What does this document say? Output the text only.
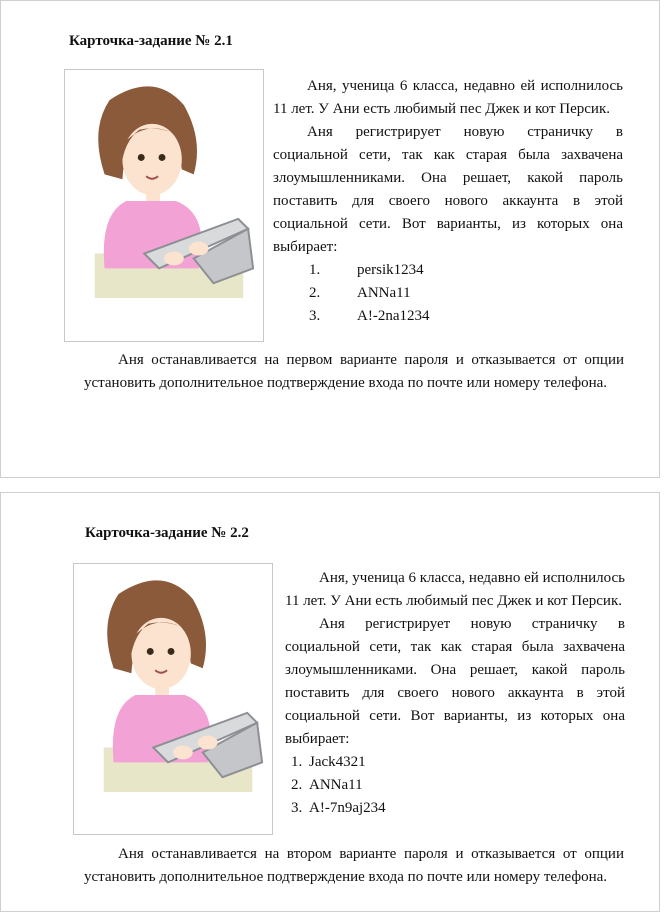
Карточка-задание № 2.1

Аня, ученица 6 класса, недавно ей исполнилось 11 лет. У Ани есть любимый пес Джек и кот Персик.

Аня регистрирует новую страничку в социальной сети, так как старая была захвачена злоумышленниками. Она решает, какой пароль поставить для своего нового аккаунта в этой социальной сети. Вот варианты, из которых она выбирает:

1.	persik1234
2.	ANNa11
3.	A!-2na1234

Аня останавливается на первом варианте пароля и отказывается от опции установить дополнительное подтверждение входа по почте или номеру телефона.

Карточка-задание № 2.2

Аня, ученица 6 класса, недавно ей исполнилось 11 лет. У Ани есть любимый пес Джек и кот Персик.

Аня регистрирует новую страничку в социальной сети, так как старая была захвачена злоумышленниками. Она решает, какой пароль поставить для своего нового аккаунта в этой социальной сети. Вот варианты, из которых она выбирает:

1. Jack4321
2. ANNa11
3. A!-7n9aj234

Аня останавливается на втором варианте пароля и отказывается от опции установить дополнительное подтверждение входа по почте или номеру телефона.
